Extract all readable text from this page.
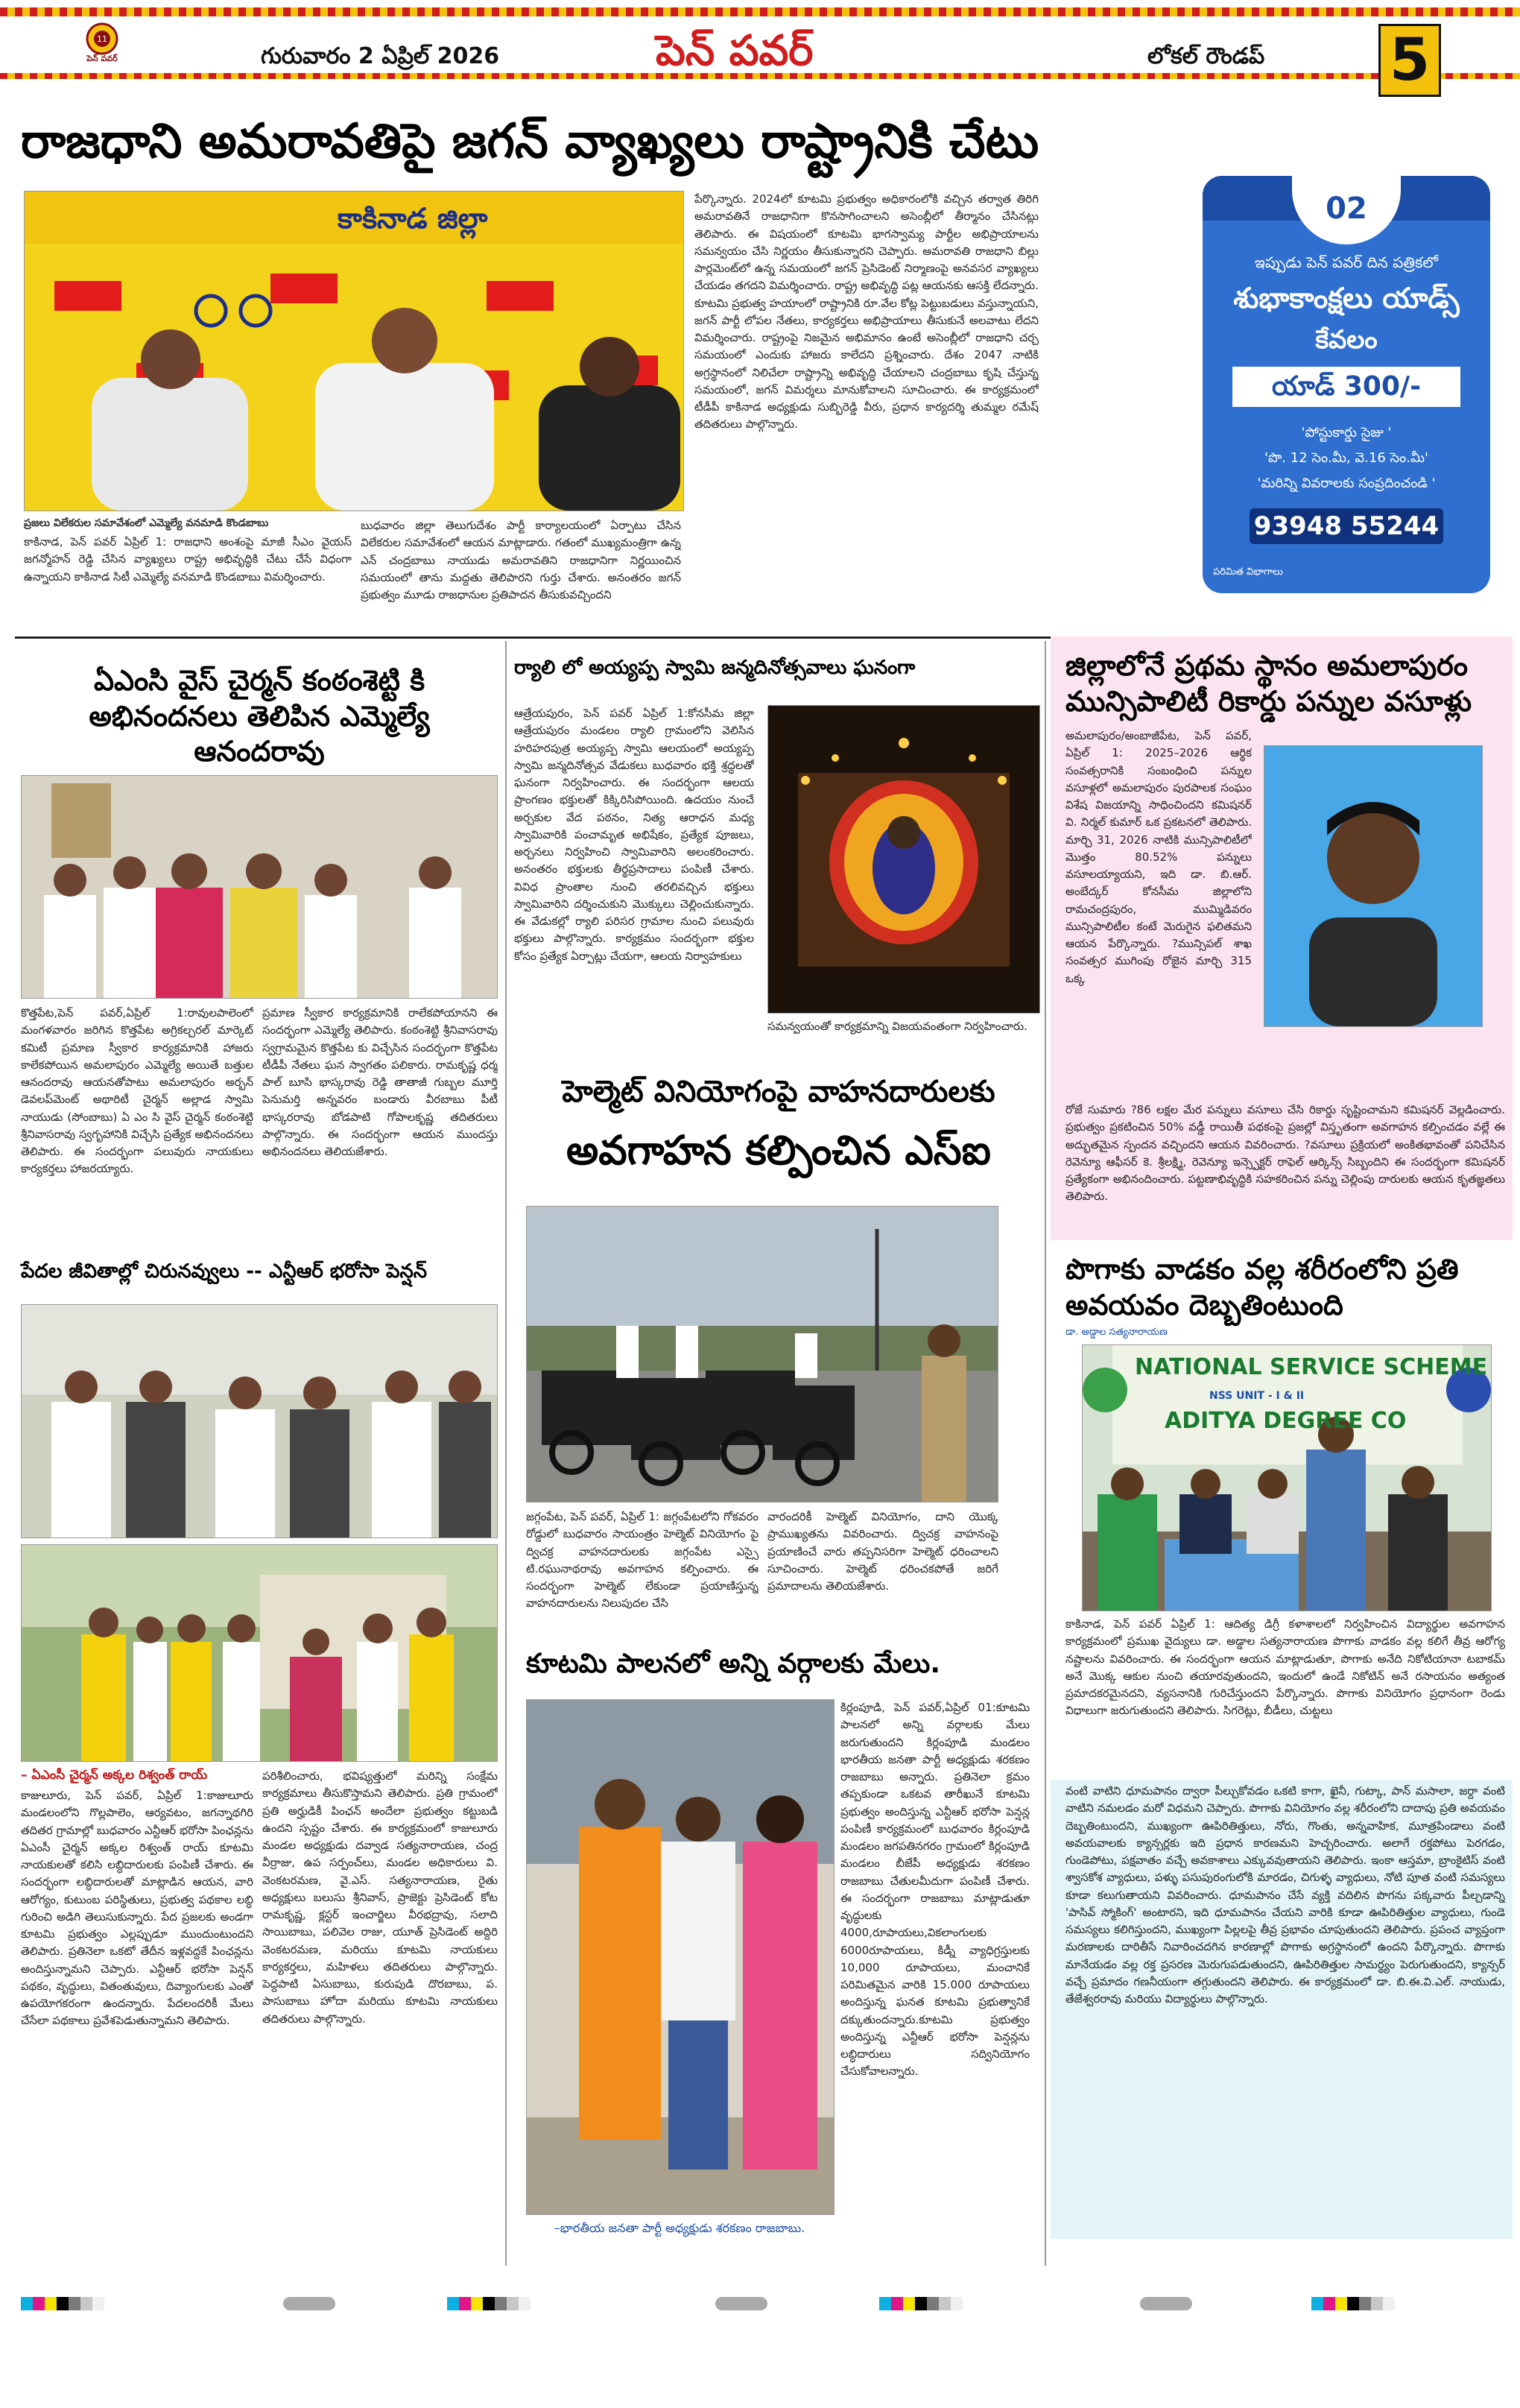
11
పెన్ పవర్	గురువారం 2 ఏప్రిల్ 2026	పెన్ పవర్	లోకల్ రౌండప్ 5
రాజధాని అమరావతిపై జగన్ వ్యాఖ్యలు రాష్ట్రానికి చేటు
కాకినాడ జిల్లా
ప్రజలు విలేకరుల సమావేశంలో ఎమ్మెల్యే వనమాడి కొండబాబు
కాకినాడ, పెన్ పవర్ ఏప్రిల్ 1: రాజధాని అంశంపై మాజీ సీఎం వైయస్ జగన్మోహన్ రెడ్డి చేసిన వ్యాఖ్యలు రాష్ట్ర అభివృద్ధికి చేటు చేసే విధంగా ఉన్నాయని కాకినాడ సిటీ ఎమ్మెల్యే వనమాడి కొండబాబు విమర్శించారు.
బుధవారం జిల్లా తెలుగుదేశం పార్టీ కార్యాలయంలో ఏర్పాటు చేసిన విలేకరుల సమావేశంలో ఆయన మాట్లాడారు. గతంలో ముఖ్యమంత్రిగా ఉన్న ఎన్ చంద్రబాబు నాయుడు అమరావతిని రాజధానిగా నిర్ణయించిన సమయంలో తాను మద్దతు తెలిపారని గుర్తు చేశారు. అనంతరం జగన్ ప్రభుత్వం మూడు రాజధానుల ప్రతిపాదన తీసుకువచ్చిందని
పేర్కొన్నారు. 2024లో కూటమి ప్రభుత్వం అధికారంలోకి వచ్చిన తర్వాత తిరిగి అమరావతినే రాజధానిగా కొనసాగించాలని అసెంబ్లీలో తీర్మానం చేసినట్లు తెలిపారు. ఈ విషయంలో కూటమి భాగస్వామ్య పార్టీల అభిప్రాయాలను సమన్వయం చేసి నిర్ణయం తీసుకున్నారని చెప్పారు. అమరావతి రాజధాని బిల్లు పార్లమెంట్‌లో ఉన్న సమయంలో జగన్ ప్రెసిడెంట్ నిర్మాణంపై అనవసర వ్యాఖ్యలు చేయడం తగదని విమర్శించారు. రాష్ట్ర అభివృద్ధి పట్ల ఆయనకు ఆసక్తి లేదన్నారు. కూటమి ప్రభుత్వ హయాంలో రాష్ట్రానికి రూ.వేల కోట్ల పెట్టుబడులు వస్తున్నాయని, జగన్ పార్టీ లోపల నేతలు, కార్యకర్తలు అభిప్రాయాలు తీసుకునే అలవాటు లేదని విమర్శించారు. రాష్ట్రంపై నిజమైన అభిమానం ఉంటే అసెంబ్లీలో రాజధాని చర్చ సమయంలో ఎందుకు హాజరు కాలేదని ప్రశ్నించారు. దేశం 2047 నాటికి అగ్రస్థానంలో నిలిచేలా రాష్ట్రాన్ని అభివృద్ధి చేయాలని చంద్రబాబు కృషి చేస్తున్న సమయంలో, జగన్ విమర్శలు మానుకోవాలని సూచించారు. ఈ కార్యక్రమంలో టీడీపీ కాకినాడ అధ్యక్షుడు సుబ్బిరెడ్డి వీరు, ప్రధాన కార్యదర్శి తుమ్మల రమేష్ తదితరులు పాల్గొన్నారు.
02
ఇప్పుడు పెన్ పవర్ దిన పత్రికలో
శుభాకాంక్షలు యాడ్స్
కేవలం
యాడ్ 300/-
'పోస్టుకార్డు సైజు '
'పొ. 12 సెం.మీ, వె.16 సెం.మీ'
'మరిన్ని వివరాలకు సంప్రదించండి '
93948 55244
పరిమిత విభాగాలు
ఏఎంసి వైస్ చైర్మన్ కంఠంశెట్టి కి అభినందనలు తెలిపిన ఎమ్మెల్యే ఆనందరావు
కొత్తపేట,పెన్ పవర్,ఏప్రిల్ 1:రావులపాలెంలో మంగళవారం జరిగిన కొత్తపేట అగ్రికల్చరల్ మార్కెట్ కమిటీ ప్రమాణ స్వీకార కార్యక్రమానికి హాజరు కాలేకపోయిన అమలాపురం ఎమ్మెల్యే అయితే బత్తుల ఆనందరావు ఆయనతోపాటు అమలాపురం అర్బన్ డెవలప్‌మెంట్ అథారిటీ చైర్మన్ అల్లాడ స్వామి నాయుడు (సోంబాబు) ఏ ఎం సి వైస్ చైర్మన్ కంఠంశెట్టి శ్రీనివాసరావు స్వగృహానికి విచ్చేసి ప్రత్యేక అభినందనలు తెలిపారు. ఈ సందర్భంగా పలువురు నాయకులు కార్యకర్తలు హాజరయ్యారు.
ప్రమాణ స్వీకార కార్యక్రమానికి రాలేకపోయానని ఈ సందర్భంగా ఎమ్మెల్యే తెలిపారు. కంఠంశెట్టి శ్రీనివాసరావు స్వగ్రామమైన కొత్తపేట కు విచ్చేసిన సందర్భంగా కొత్తపేట టీడీపీ నేతలు ఘన స్వాగతం పలికారు. రామకృష్ణ ధర్మ పాల్ బూసి భాస్కరావు రెడ్డి తాతాజీ గుబ్బల మూర్తి పెనుమర్తి అన్నవరం బండారు వీరబాబు పీటీ భాస్కరరావు బోడపాటి గోపాలకృష్ణ తదితరులు పాల్గొన్నారు. ఈ సందర్భంగా ఆయన ముందస్తు అభినందనలు తెలియజేశారు.
పేదల జీవితాల్లో చిరునవ్వులు -- ఎన్టీఆర్ భరోసా పెన్షన్
– ఏఎంసీ చైర్మన్ అక్కల రిశ్వంత్ రాయ్
కాజులూరు, పెన్ పవర్, ఏప్రిల్ 1:కాజులూరు మండలంలోని గొల్లపాలెం, ఆర్యవటం, జగన్నాథగిరి తదితర గ్రామాల్లో బుధవారం ఎన్టీఆర్ భరోసా పింఛన్లను ఏఎంసీ చైర్మన్ అక్కల రిశ్వంత్ రాయ్ కూటమి నాయకులతో కలిసి లబ్ధిదారులకు పంపిణీ చేశారు. ఈ సందర్భంగా లబ్ధిదారులతో మాట్లాడిన ఆయన, వారి ఆరోగ్యం, కుటుంబ పరిస్థితులు, ప్రభుత్వ పథకాల లబ్ధి గురించి అడిగి తెలుసుకున్నారు. పేద ప్రజలకు అండగా కూటమి ప్రభుత్వం ఎల్లప్పుడూ ముందుంటుందని తెలిపారు. ప్రతినెలా ఒకటో తేదీన ఇళ్లవద్దకే పింఛన్లను అందిస్తున్నామని చెప్పారు. ఎన్టీఆర్ భరోసా పెన్షన్ పథకం, వృద్ధులు, వితంతువులు, దివ్యాంగులకు ఎంతో ఉపయోగకరంగా ఉందన్నారు. పేదలందరికీ మేలు చేసేలా పథకాలు ప్రవేశపెడుతున్నామని తెలిపారు.
పరిశీలించారు, భవిష్యత్తులో మరిన్ని సంక్షేమ కార్యక్రమాలు తీసుకొస్తామని తెలిపారు. ప్రతి గ్రామంలో ప్రతి అర్హుడికీ పింఛన్ అందేలా ప్రభుత్వం కట్టుబడి ఉందని స్పష్టం చేశారు. ఈ కార్యక్రమంలో కాజులూరు మండల అధ్యక్షుడు దవ్వాడ సత్యనారాయణ, చంద్ర వీర్రాజు, ఉప సర్పంచ్‌లు, మండల అధికారులు వి. వెంకటరమణ, వై.ఎస్. సత్యనారాయణ, రైతు అధ్యక్షులు బలుసు శ్రీనివాస్, ప్రాజెక్టు ప్రెసిడెంట్ కోట రామకృష్ణ, క్లస్టర్ ఇంచార్జిలు వీరభద్రావు, సలాది సాయిబాబు, పలివెల రాజు, యూత్ ప్రెసిడెంట్ అద్దిరి వెంకటరమణ, మరియు కూటమి నాయకులు కార్యకర్తలు, మహిళలు తదితరులు పాల్గొన్నారు. పెద్దపాటి ఏసుబాబు, కురుపుడి దొరబాబు, ప. పాసుబాబు హోదా మరియు కూటమి నాయకులు తదితరులు పాల్గొన్నారు.
ర్యాలి లో అయ్యప్ప స్వామి జన్మదినోత్సవాలు ఘనంగా
ఆత్రేయపురం, పెన్ పవర్ ఏప్రిల్ 1:కోనసీమ జిల్లా ఆత్రేయపురం మండలం ర్యాలి గ్రామంలోని వెలిసిన హరిహరపుత్ర అయ్యప్ప స్వామి ఆలయంలో అయ్యప్ప స్వామి జన్మదినోత్సవ వేడుకలు బుధవారం భక్తి శ్రద్ధలతో ఘనంగా నిర్వహించారు. ఈ సందర్భంగా ఆలయ ప్రాంగణం భక్తులతో కిక్కిరిసిపోయింది. ఉదయం నుంచే అర్చకుల వేద పఠనం, నిత్య ఆరాధన మధ్య స్వామివారికి పంచామృత అభిషేకం, ప్రత్యేక పూజలు, అర్చనలు నిర్వహించి స్వామివారిని అలంకరించారు. అనంతరం భక్తులకు తీర్థప్రసాదాలు పంపిణీ చేశారు. వివిధ ప్రాంతాల నుంచి తరలివచ్చిన భక్తులు స్వామివారిని దర్శించుకుని మొక్కులు చెల్లించుకున్నారు. ఈ వేడుకల్లో ర్యాలి పరిసర గ్రామాల నుంచి పలువురు భక్తులు పాల్గొన్నారు. కార్యక్రమం సందర్భంగా భక్తుల కోసం ప్రత్యేక ఏర్పాట్లు చేయగా, ఆలయ నిర్వాహకులు
సమన్వయంతో కార్యక్రమాన్ని విజయవంతంగా నిర్వహించారు.
హెల్మెట్ వినియోగంపై వాహనదారులకు
అవగాహన కల్పించిన ఎస్ఐ
జగ్గంపేట, పెన్ పవర్, ఏప్రిల్ 1: జగ్గంపేటలోని గోకవరం రోడ్డులో బుధవారం సాయంత్రం హెల్మెట్ వినియోగం పై ద్విచక్ర వాహనదారులకు జగ్గంపేట ఎస్సై టి.రఘునాథరావు అవగాహన కల్పించారు. ఈ సందర్భంగా హెల్మెట్ లేకుండా ప్రయాణిస్తున్న వాహనదారులను నిలుపుదల చేసి
వారందరికీ హెల్మెట్ వినియోగం, దాని యొక్క ప్రాముఖ్యతను వివరించారు. ద్విచక్ర వాహనంపై ప్రయాణించే వారు తప్పనిసరిగా హెల్మెట్ ధరించాలని సూచించారు. హెల్మెట్ ధరించకపోతే జరిగే ప్రమాదాలను తెలియజేశారు.
కూటమి పాలనలో అన్ని వర్గాలకు మేలు.
–భారతీయ జనతా పార్టీ అధ్యక్షుడు శరకణం రాజబాబు.
కిర్లంపూడి, పెన్ పవర్,ఏప్రిల్ 01:కూటమి పాలనలో అన్ని వర్గాలకు మేలు జరుగుతుందని కిర్లంపూడి మండలం భారతీయ జనతా పార్టీ అధ్యక్షుడు శరకణం రాజబాబు అన్నారు. ప్రతినెలా క్రమం తప్పకుండా ఒకటవ తారీఖునే కూటమి ప్రభుత్వం అందిస్తున్న ఎన్టీఆర్ భరోసా పెన్షన్ల పంపిణీ కార్యక్రమంలో బుధవారం కిర్లంపూడి మండలం జగపతినగరం గ్రామంలో కిర్లంపూడి మండలం బీజేపీ అధ్యక్షుడు శరకణం రాజబాబు చేతులమీదుగా పంపిణీ చేశారు. ఈ సందర్భంగా రాజబాబు మాట్లాడుతూ వృద్ధులకు 4000,రూపాయలు,వికలాంగులకు 6000రూపాయలు, కిడ్నీ వ్యాధిగ్రస్తులకు 10,000 రూపాయలు, మంచానికే పరిమితమైన వారికి 15.000 రూపాయలు అందిస్తున్న ఘనత కూటమి ప్రభుత్వానికే దక్కుతుందన్నారు.కూటమి ప్రభుత్వం అందిస్తున్న ఎన్టీఆర్ భరోసా పెన్షన్లను లబ్ధిదారులు సద్వినియోగం చేసుకోవాలన్నారు.
జిల్లాలోనే ప్రథమ స్థానం అమలాపురం మున్సిపాలిటీ రికార్డు పన్నుల వసూళ్లు
అమలాపురం/అంబాజీపేట, పెన్ పవర్, ఏప్రిల్ 1: 2025–2026 ఆర్థిక సంవత్సరానికి సంబంధించి పన్నుల వసూళ్లలో అమలాపురం పురపాలక సంఘం విశేష విజయాన్ని సాధించిందని కమిషనర్ వి. నిర్మల్ కుమార్ ఒక ప్రకటనలో తెలిపారు. మార్చి 31, 2026 నాటికి మున్సిపాలిటీలో మొత్తం 80.52% పన్నులు వసూలయ్యాయని, ఇది డా. బి.ఆర్. అంబేద్కర్ కోనసీమ జిల్లాలోని రామచంద్రపురం, ముమ్మిడివరం మున్సిపాలిటీల కంటే మెరుగైన ఫలితమని ఆయన పేర్కొన్నారు. ?మున్సిపల్ శాఖ సంవత్సర ముగింపు రోజైన మార్చి 315 ఒక్క
రోజే సుమారు ?86 లక్షల మేర పన్నులు వసూలు చేసి రికార్డు సృష్టించామని కమిషనర్ వెల్లడించారు. ప్రభుత్వం ప్రకటించిన 50% వడ్డీ రాయితీ పథకంపై ప్రజల్లో విస్తృతంగా అవగాహన కల్పించడం వల్లే ఈ అద్భుతమైన స్పందన వచ్చిందని ఆయన వివరించారు. ?వసూలు ప్రక్రియలో అంకితభావంతో పనిచేసిన రెవెన్యూ ఆఫీసర్ కె. శ్రీలక్ష్మి, రెవెన్యూ ఇన్స్పెక్టర్ రాఫెల్ ఆర్కిన్స్ సిబ్బందిని ఈ సందర్భంగా కమిషనర్ ప్రత్యేకంగా అభినందించారు. పట్టణాభివృద్ధికి సహకరించిన పన్ను చెల్లింపు దారులకు ఆయన కృతజ్ఞతలు తెలిపారు.
పొగాకు వాడకం వల్ల శరీరంలోని ప్రతి అవయవం దెబ్బతింటుంది
డా. అడ్డాల సత్యనారాయణ
NATIONAL SERVICE SCHEME
NSS UNIT - I & II
ADITYA DEGREE CO
కాకినాడ, పెన్ పవర్ ఏప్రిల్ 1: ఆదిత్య డిగ్రీ కళాశాలలో నిర్వహించిన విద్యార్థుల అవగాహన కార్యక్రమంలో ప్రముఖ వైద్యులు డా. అడ్డాల సత్యనారాయణ పొగాకు వాడకం వల్ల కలిగే తీవ్ర ఆరోగ్య నష్టాలను వివరించారు. ఈ సందర్భంగా ఆయన మాట్లాడుతూ, పొగాకు అనేది నికోటియానా టబాకమ్ అనే మొక్క ఆకుల నుంచి తయారవుతుందని, ఇందులో ఉండే నికోటిన్ అనే రసాయనం అత్యంత ప్రమాదకరమైనదని, వ్యసనానికి గురిచేస్తుందని పేర్కొన్నారు. పొగాకు వినియోగం ప్రధానంగా రెండు విధాలుగా జరుగుతుందని తెలిపారు. సిగరెట్లు, బీడీలు, చుట్టలు
వంటి వాటిని ధూమపానం ద్వారా పీల్చుకోవడం ఒకటి కాగా, ఖైనీ, గుట్కా, పాన్ మసాలా, జర్దా వంటి వాటిని నమలడం మరో విధమని చెప్పారు. పొగాకు వినియోగం వల్ల శరీరంలోని దాదాపు ప్రతి అవయవం దెబ్బతింటుందని, ముఖ్యంగా ఊపిరితిత్తులు, నోరు, గొంతు, అన్నవాహిక, మూత్రపిండాలు వంటి అవయవాలకు క్యాన్సర్లకు ఇది ప్రధాన కారణమని హెచ్చరించారు. అలాగే రక్తపోటు పెరగడం, గుండెపోటు, పక్షవాతం వచ్చే అవకాశాలు ఎక్కువవుతాయని తెలిపారు. ఇంకా ఆస్తమా, బ్రాంకైటిస్ వంటి శ్వాసకోశ వ్యాధులు, పళ్ళు పసుపురంగులోకి మారడం, చిగుళ్ళ వ్యాధులు, నోటి పూత వంటి సమస్యలు కూడా కలుగుతాయని వివరించారు. ధూమపానం చేసే వ్యక్తి వదిలిన పొగను పక్కవారు పీల్చడాన్ని 'పాసివ్ స్మోకింగ్' అంటారని, ఇది ధూమపానం చేయని వారికి కూడా ఊపిరితిత్తుల వ్యాధులు, గుండె సమస్యలు కలిగిస్తుందని, ముఖ్యంగా పిల్లలపై తీవ్ర ప్రభావం చూపుతుందని తెలిపారు. ప్రపంచ వ్యాప్తంగా మరణాలకు దారితీసే నివారించదగిన కారణాల్లో పొగాకు అగ్రస్థానంలో ఉందని పేర్కొన్నారు. పొగాకు మానేయడం వల్ల రక్త ప్రసరణ మెరుగుపడుతుందని, ఊపిరితిత్తుల సామర్థ్యం పెరుగుతుందని, క్యాన్సర్ వచ్చే ప్రమాదం గణనీయంగా తగ్గుతుందని తెలిపారు. ఈ కార్యక్రమంలో డా. బి.ఈ.వి.ఎల్. నాయుడు, తేజేశ్వరరావు మరియు విద్యార్థులు పాల్గొన్నారు.
